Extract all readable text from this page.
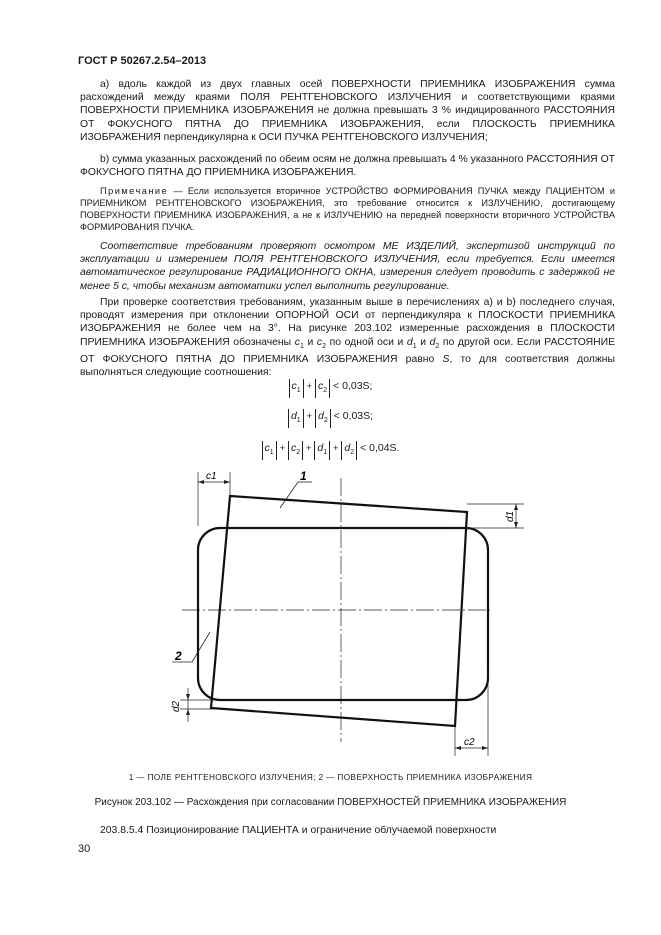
ГОСТ Р 50267.2.54–2013
а) вдоль каждой из двух главных осей ПОВЕРХНОСТИ ПРИЕМНИКА ИЗОБРАЖЕНИЯ сумма расхождений между краями ПОЛЯ РЕНТГЕНОВСКОГО ИЗЛУЧЕНИЯ и соответствующими краями ПОВЕРХНОСТИ ПРИЕМНИКА ИЗОБРАЖЕНИЯ не должна превышать 3 % индицированного РАССТОЯНИЯ ОТ ФОКУСНОГО ПЯТНА ДО ПРИЕМНИКА ИЗОБРАЖЕНИЯ, если ПЛОСКОСТЬ ПРИЕМНИКА ИЗОБРАЖЕНИЯ перпендикулярна к ОСИ ПУЧКА РЕНТГЕНОВСКОГО ИЗЛУЧЕНИЯ;
b) сумма указанных расхождений по обеим осям не должна превышать 4 % указанного РАССТОЯНИЯ ОТ ФОКУСНОГО ПЯТНА ДО ПРИЕМНИКА ИЗОБРАЖЕНИЯ.
Примечание — Если используется вторичное УСТРОЙСТВО ФОРМИРОВАНИЯ ПУЧКА между ПАЦИЕНТОМ и ПРИЕМНИКОМ РЕНТГЕНОВСКОГО ИЗОБРАЖЕНИЯ, это требование относится к ИЗЛУЧЕНИЮ, достигающему ПОВЕРХНОСТИ ПРИЕМНИКА ИЗОБРАЖЕНИЯ, а не к ИЗЛУЧЕНИЮ на передней поверхности вторичного УСТРОЙСТВА ФОРМИРОВАНИЯ ПУЧКА.
Соответствие требованиям проверяют осмотром МЕ ИЗДЕЛИЙ, экспертизой инструкций по эксплуатации и измерением ПОЛЯ РЕНТГЕНОВСКОГО ИЗЛУЧЕНИЯ, если требуется. Если имеется автоматическое регулирование РАДИАЦИОННОГО ОКНА, измерения следует проводить с задержкой не менее 5 с, чтобы механизм автоматики успел выполнить регулирование.
При проверке соответствия требованиям, указанным выше в перечислениях а) и b) последнего случая, проводят измерения при отклонении ОПОРНОЙ ОСИ от перпендикуляра к ПЛОСКОСТИ ПРИЕМНИКА ИЗОБРАЖЕНИЯ не более чем на 3°. На рисунке 203.102 измеренные расхождения в ПЛОСКОСТИ ПРИЕМНИКА ИЗОБРАЖЕНИЯ обозначены $c_1$ и $c_2$ по одной оси и $d_1$ и $d_2$ по другой оси. Если РАССТОЯНИЕ ОТ ФОКУСНОГО ПЯТНА ДО ПРИЕМНИКА ИЗОБРАЖЕНИЯ равно S, то для соответствия должны выполняться следующие соотношения:
$c_1 + c_2 < 0,03S$;
$d_1 + d_2 < 0,03S$;
$c_1 + c_2 + d_1 + d_2 < 0,04S$.
c1
d1
d2
c2
1
2
1 — ПОЛЕ РЕНТГЕНОВСКОГО ИЗЛУЧЕНИЯ; 2 — ПОВЕРХНОСТЬ ПРИЕМНИКА ИЗОБРАЖЕНИЯ
Рисунок 203.102 — Расхождения при согласовании ПОВЕРХНОСТЕЙ ПРИЕМНИКА ИЗОБРАЖЕНИЯ
203.8.5.4 Позиционирование ПАЦИЕНТА и ограничение облучаемой поверхности
30
